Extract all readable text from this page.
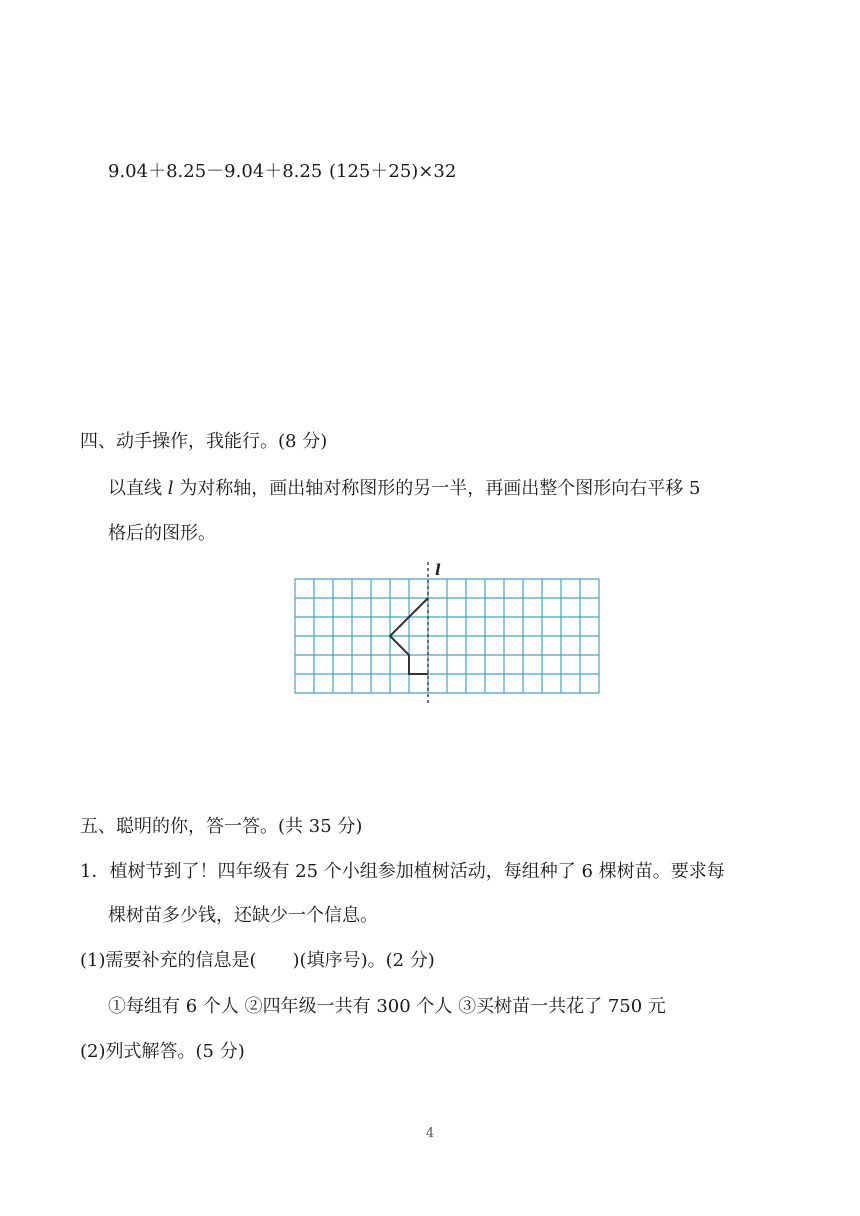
9.04＋8.25－9.04＋8.25 (125＋25)×32
四、动手操作，我能行。(8 分)
以直线 l 为对称轴，画出轴对称图形的另一半，再画出整个图形向右平移 5
格后的图形。
l
五、聪明的你，答一答。(共 35 分)
1．植树节到了！四年级有 25 个小组参加植树活动，每组种了 6 棵树苗。要求每
棵树苗多少钱，还缺少一个信息。
(1)需要补充的信息是(　　)(填序号)。(2 分)
①每组有 6 个人 ②四年级一共有 300 个人 ③买树苗一共花了 750 元
(2)列式解答。(5 分)
4
